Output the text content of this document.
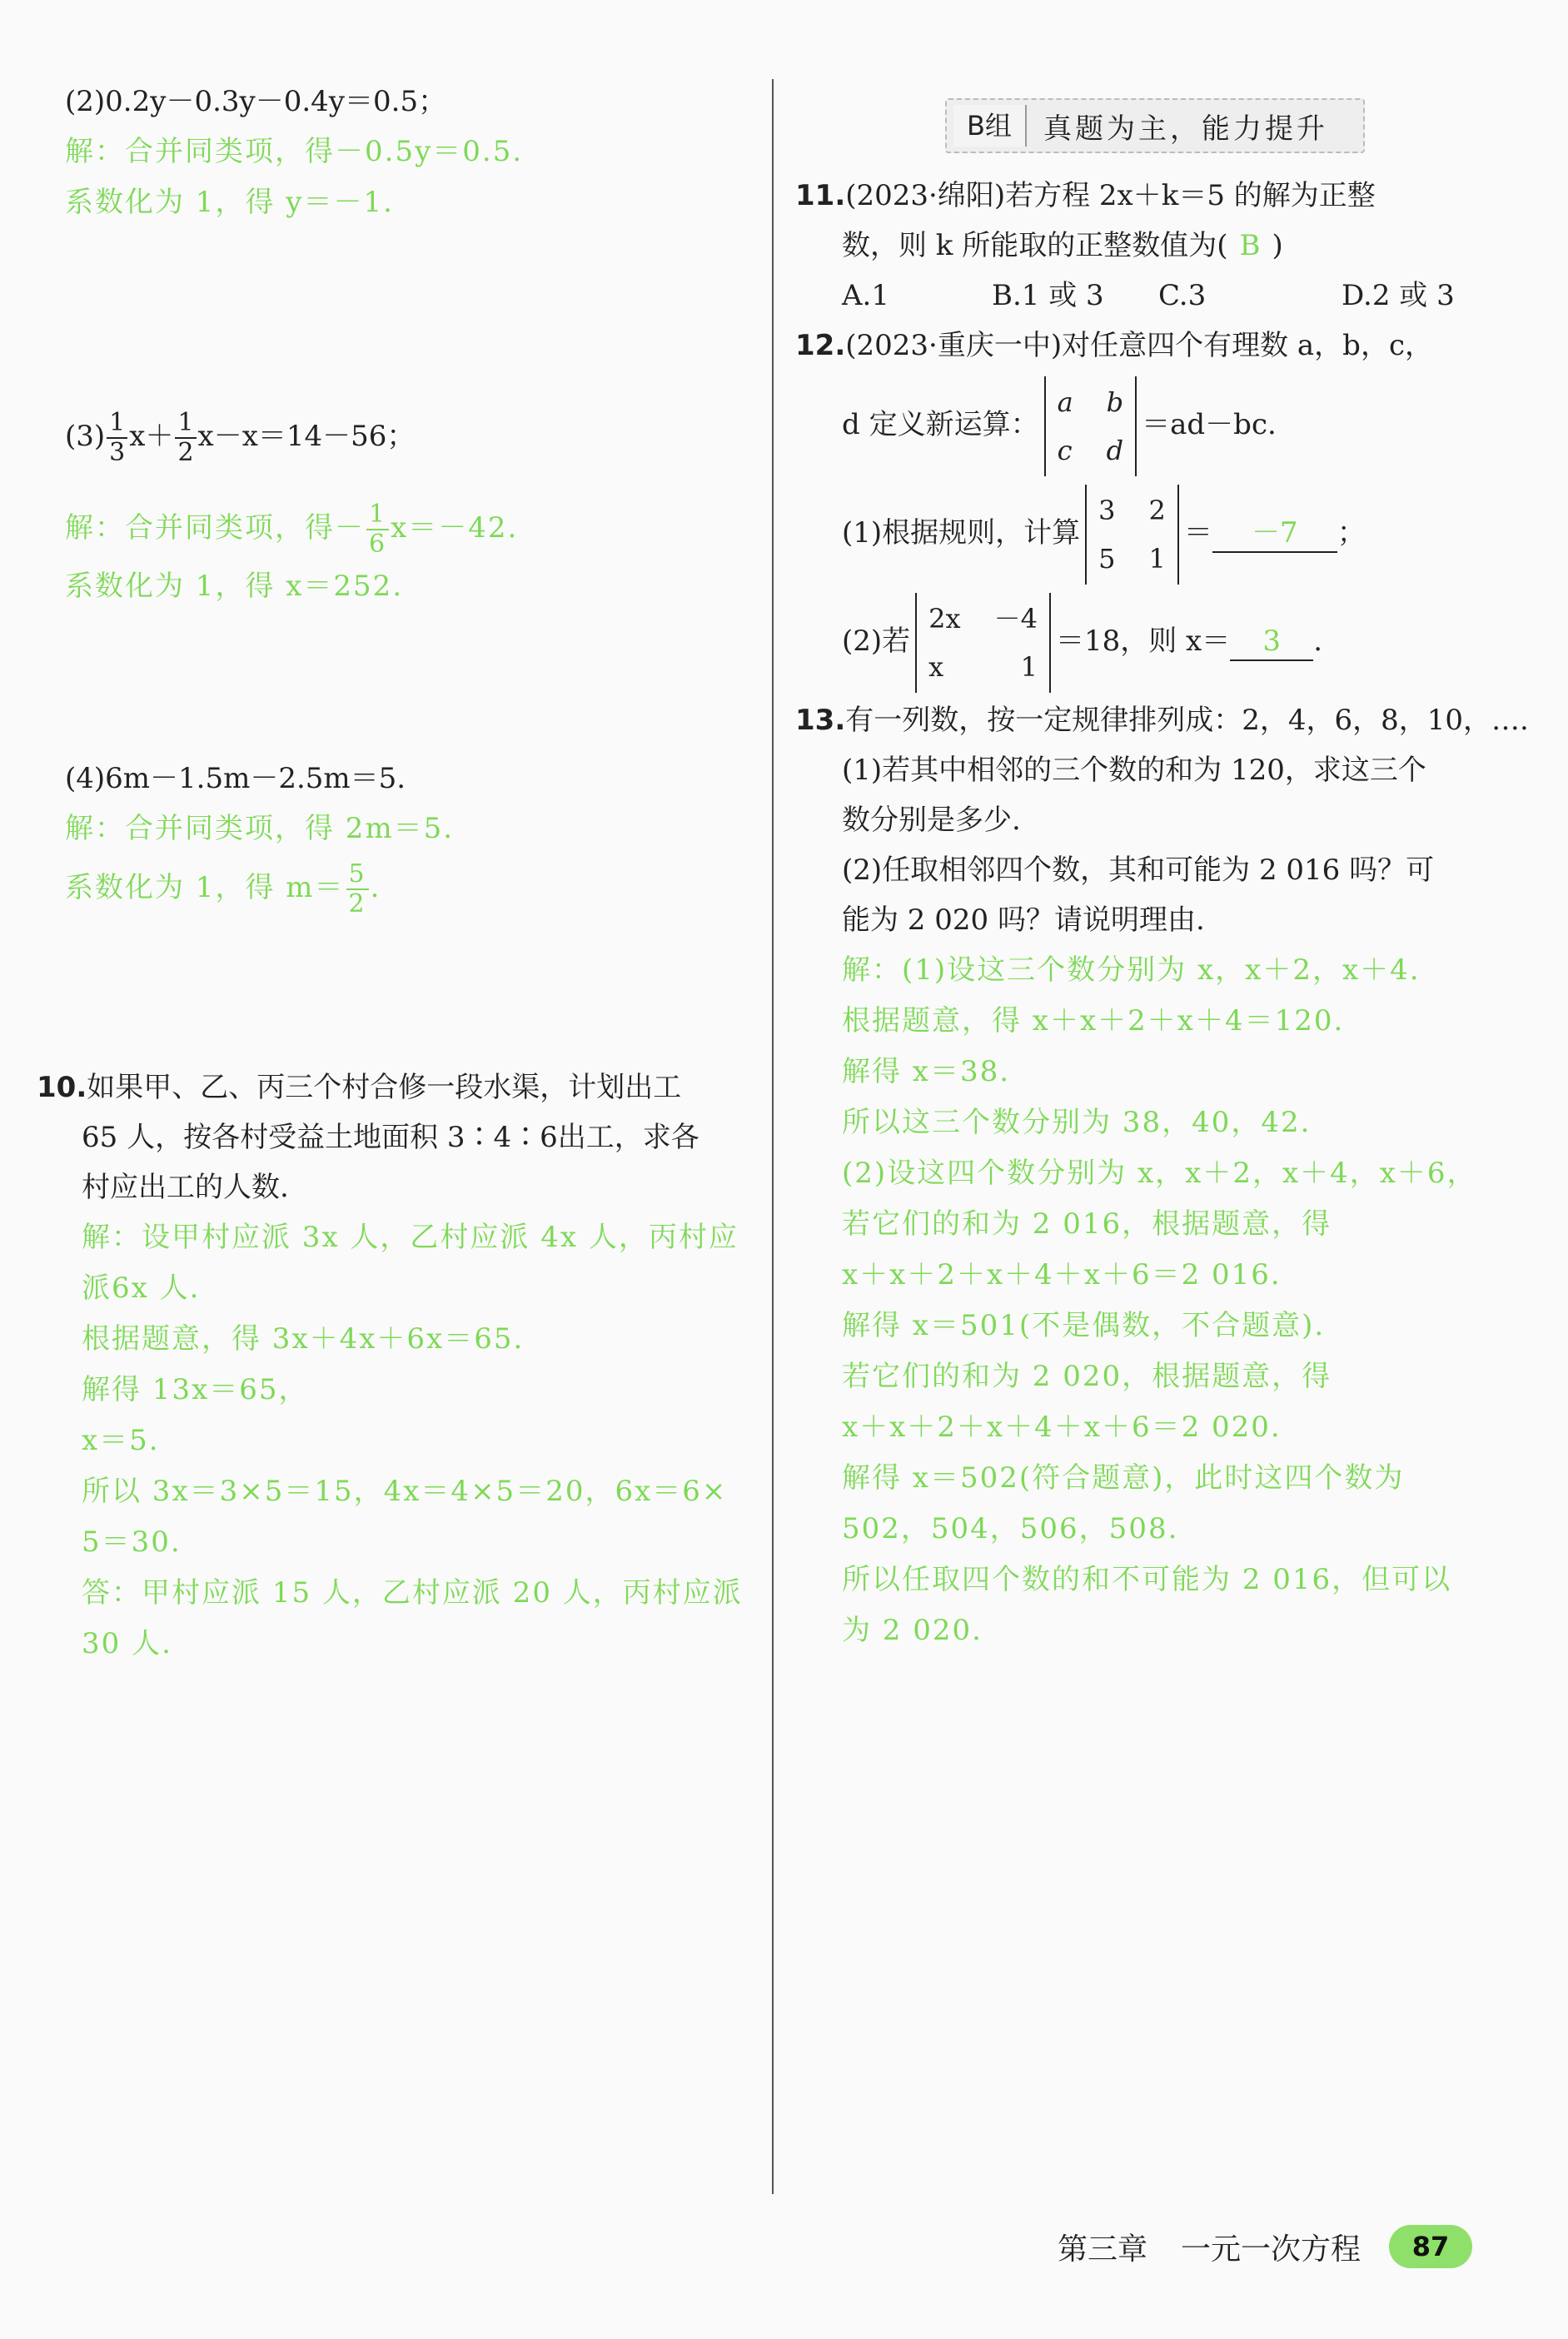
(2)0.2y－0.3y－0.4y＝0.5；
解：合并同类项，得－0.5y＝0.5.
系数化为 1，得 y＝－1.
$(3) \frac{1}{3} x+ \frac{1}{2} x-x=14-56$；
解：合并同类项，得－ $\frac{1}{6} x=-42$.
系数化为 1，得 x＝252.
(4)6m－1.5m－2.5m＝5.
解：合并同类项，得 2m＝5.
系数化为 1，得 $m= \frac{5}{2}$ .
10.如果甲、乙、丙三个村合修一段水渠，计划出工
65 人，按各村受益土地面积 3∶4∶6出工，求各
村应出工的人数.
解：设甲村应派 3x 人，乙村应派 4x 人，丙村应
派6x 人.
根据题意，得 3x＋4x＋6x＝65.
解得 13x＝65，
x＝5.
所以 3x＝3×5＝15，4x＝4×5＝20，6x＝6×
5＝30.
答：甲村应派 15 人，乙村应派 20 人，丙村应派
30 人.
B组	真题为主，能力提升
11.(2023·绵阳)若方程 2x＋k＝5 的解为正整
数，则 k 所能取的正整数值为( B )
A.1	B.1 或 3	C.3	D.2 或 3
12.(2023·重庆一中)对任意四个有理数 a，b，c，
d 定义新运算：
a b
c d
＝ad－bc.
(1)根据规则，计算
3 2
5 1
＝ －7 ；
(2)若
2x －4
x	1
＝18，则 x＝ 3 .
13.有一列数，按一定规律排列成：2，4，6，8，10，….
(1)若其中相邻的三个数的和为 120，求这三个
数分别是多少.
(2)任取相邻四个数，其和可能为 2 016 吗？可
能为 2 020 吗？请说明理由.
解：(1)设这三个数分别为 x，x＋2，x＋4.
根据题意，得 x＋x＋2＋x＋4＝120.
解得 x＝38.
所以这三个数分别为 38，40，42.
(2)设这四个数分别为 x，x＋2，x＋4，x＋6，
若它们的和为 2 016，根据题意，得
x＋x＋2＋x＋4＋x＋6＝2 016.
解得 x＝501(不是偶数，不合题意).
若它们的和为 2 020，根据题意，得
x＋x＋2＋x＋4＋x＋6＝2 020.
解得 x＝502(符合题意)，此时这四个数为
502，504，506，508.
所以任取四个数的和不可能为 2 016，但可以
为 2 020.
第三章 一元一次方程	87
